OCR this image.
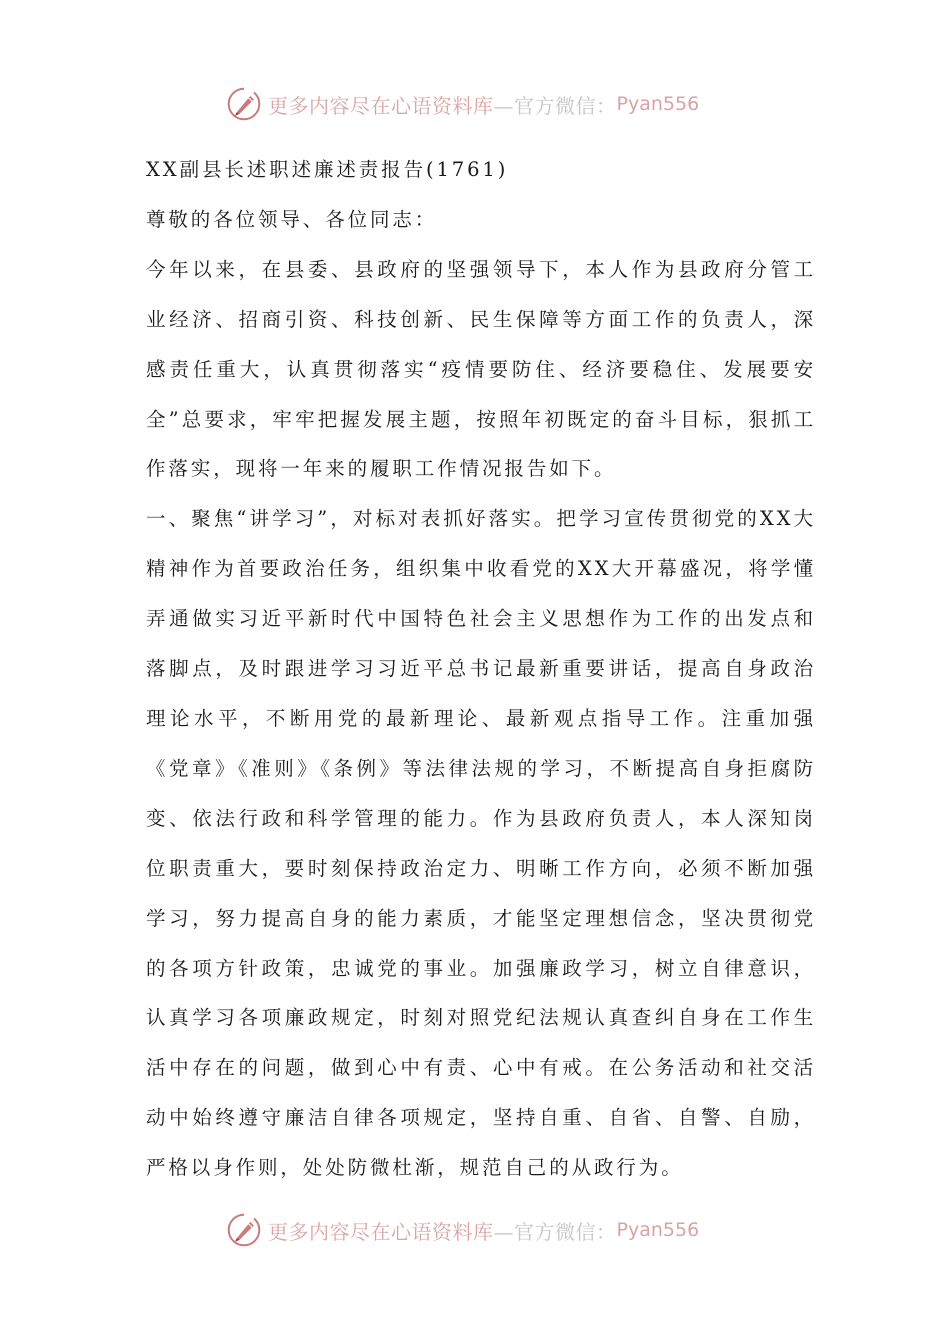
更多内容尽在心语资料库 —官方微信： Pyan556

XX副县长述职述廉述责报告(1761)

尊敬的各位领导、各位同志：

今年以来，在县委、县政府的坚强领导下，本人作为县政府分管工业经济、招商引资、科技创新、民生保障等方面工作的负责人，深感责任重大，认真贯彻落实“疫情要防住、经济要稳住、发展要安全”总要求，牢牢把握发展主题，按照年初既定的奋斗目标，狠抓工作落实，现将一年来的履职工作情况报告如下。

一、聚焦“讲学习”，对标对表抓好落实。把学习宣传贯彻党的XX大精神作为首要政治任务，组织集中收看党的XX大开幕盛况，将学懂弄通做实习近平新时代中国特色社会主义思想作为工作的出发点和落脚点，及时跟进学习习近平总书记最新重要讲话，提高自身政治理论水平，不断用党的最新理论、最新观点指导工作。注重加强《党章》《准则》《条例》等法律法规的学习，不断提高自身拒腐防变、依法行政和科学管理的能力。作为县政府负责人，本人深知岗位职责重大，要时刻保持政治定力、明晰工作方向，必须不断加强学习，努力提高自身的能力素质，才能坚定理想信念，坚决贯彻党的各项方针政策，忠诚党的事业。加强廉政学习，树立自律意识，认真学习各项廉政规定，时刻对照党纪法规认真查纠自身在工作生活中存在的问题，做到心中有责、心中有戒。在公务活动和社交活动中始终遵守廉洁自律各项规定，坚持自重、自省、自警、自励，严格以身作则，处处防微杜渐，规范自己的从政行为。

更多内容尽在心语资料库 —官方微信： Pyan556
